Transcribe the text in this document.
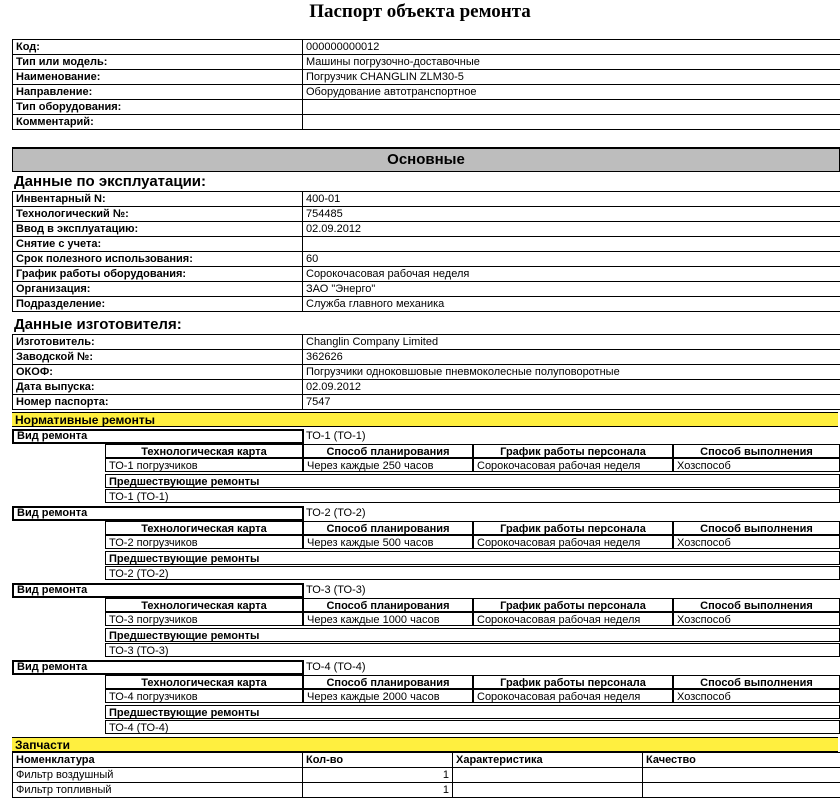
Паспорт объекта ремонта
Код:	000000000012
Тип или модель:	Машины погрузочно-доставочные
Наименование:	Погрузчик CHANGLIN ZLM30-5
Направление:	Оборудование автотранспортное
Тип оборудования:	
Комментарий:	
Основные
Данные по эксплуатации:
Инвентарный N:	400-01
Технологический №:	754485
Ввод в эксплуатацию:	02.09.2012
Снятие с учета:	
Срок полезного использования:	60
График работы оборудования:	Сорокочасовая рабочая неделя
Организация:	ЗАО "Энерго"
Подразделение:	Служба главного механика
Данные изготовителя:
Изготовитель:	Changlin Company Limited
Заводской №:	362626
ОКОФ:	Погрузчики одноковшовые пневмоколесные полуповоротные
Дата выпуска:	02.09.2012
Номер паспорта:	7547
Нормативные ремонты
Вид ремонта	ТО-1 (ТО-1)
Технологическая карта	Способ планирования	График работы персонала	Способ выполнения
ТО-1 погрузчиков	Через каждые 250 часов	Сорокочасовая рабочая неделя	Хозспособ
Предшествующие ремонты
ТО-1 (ТО-1)
Вид ремонта	ТО-2 (ТО-2)
Технологическая карта	Способ планирования	График работы персонала	Способ выполнения
ТО-2 погрузчиков	Через каждые 500 часов	Сорокочасовая рабочая неделя	Хозспособ
Предшествующие ремонты
ТО-2 (ТО-2)
Вид ремонта	ТО-3 (ТО-3)
Технологическая карта	Способ планирования	График работы персонала	Способ выполнения
ТО-3 погрузчиков	Через каждые 1000 часов	Сорокочасовая рабочая неделя	Хозспособ
Предшествующие ремонты
ТО-3 (ТО-3)
Вид ремонта	ТО-4 (ТО-4)
Технологическая карта	Способ планирования	График работы персонала	Способ выполнения
ТО-4 погрузчиков	Через каждые 2000 часов	Сорокочасовая рабочая неделя	Хозспособ
Предшествующие ремонты
ТО-4 (ТО-4)
Запчасти
Номенклатура	Кол-во	Характеристика	Качество
Фильтр воздушный	1		
Фильтр топливный	1		
